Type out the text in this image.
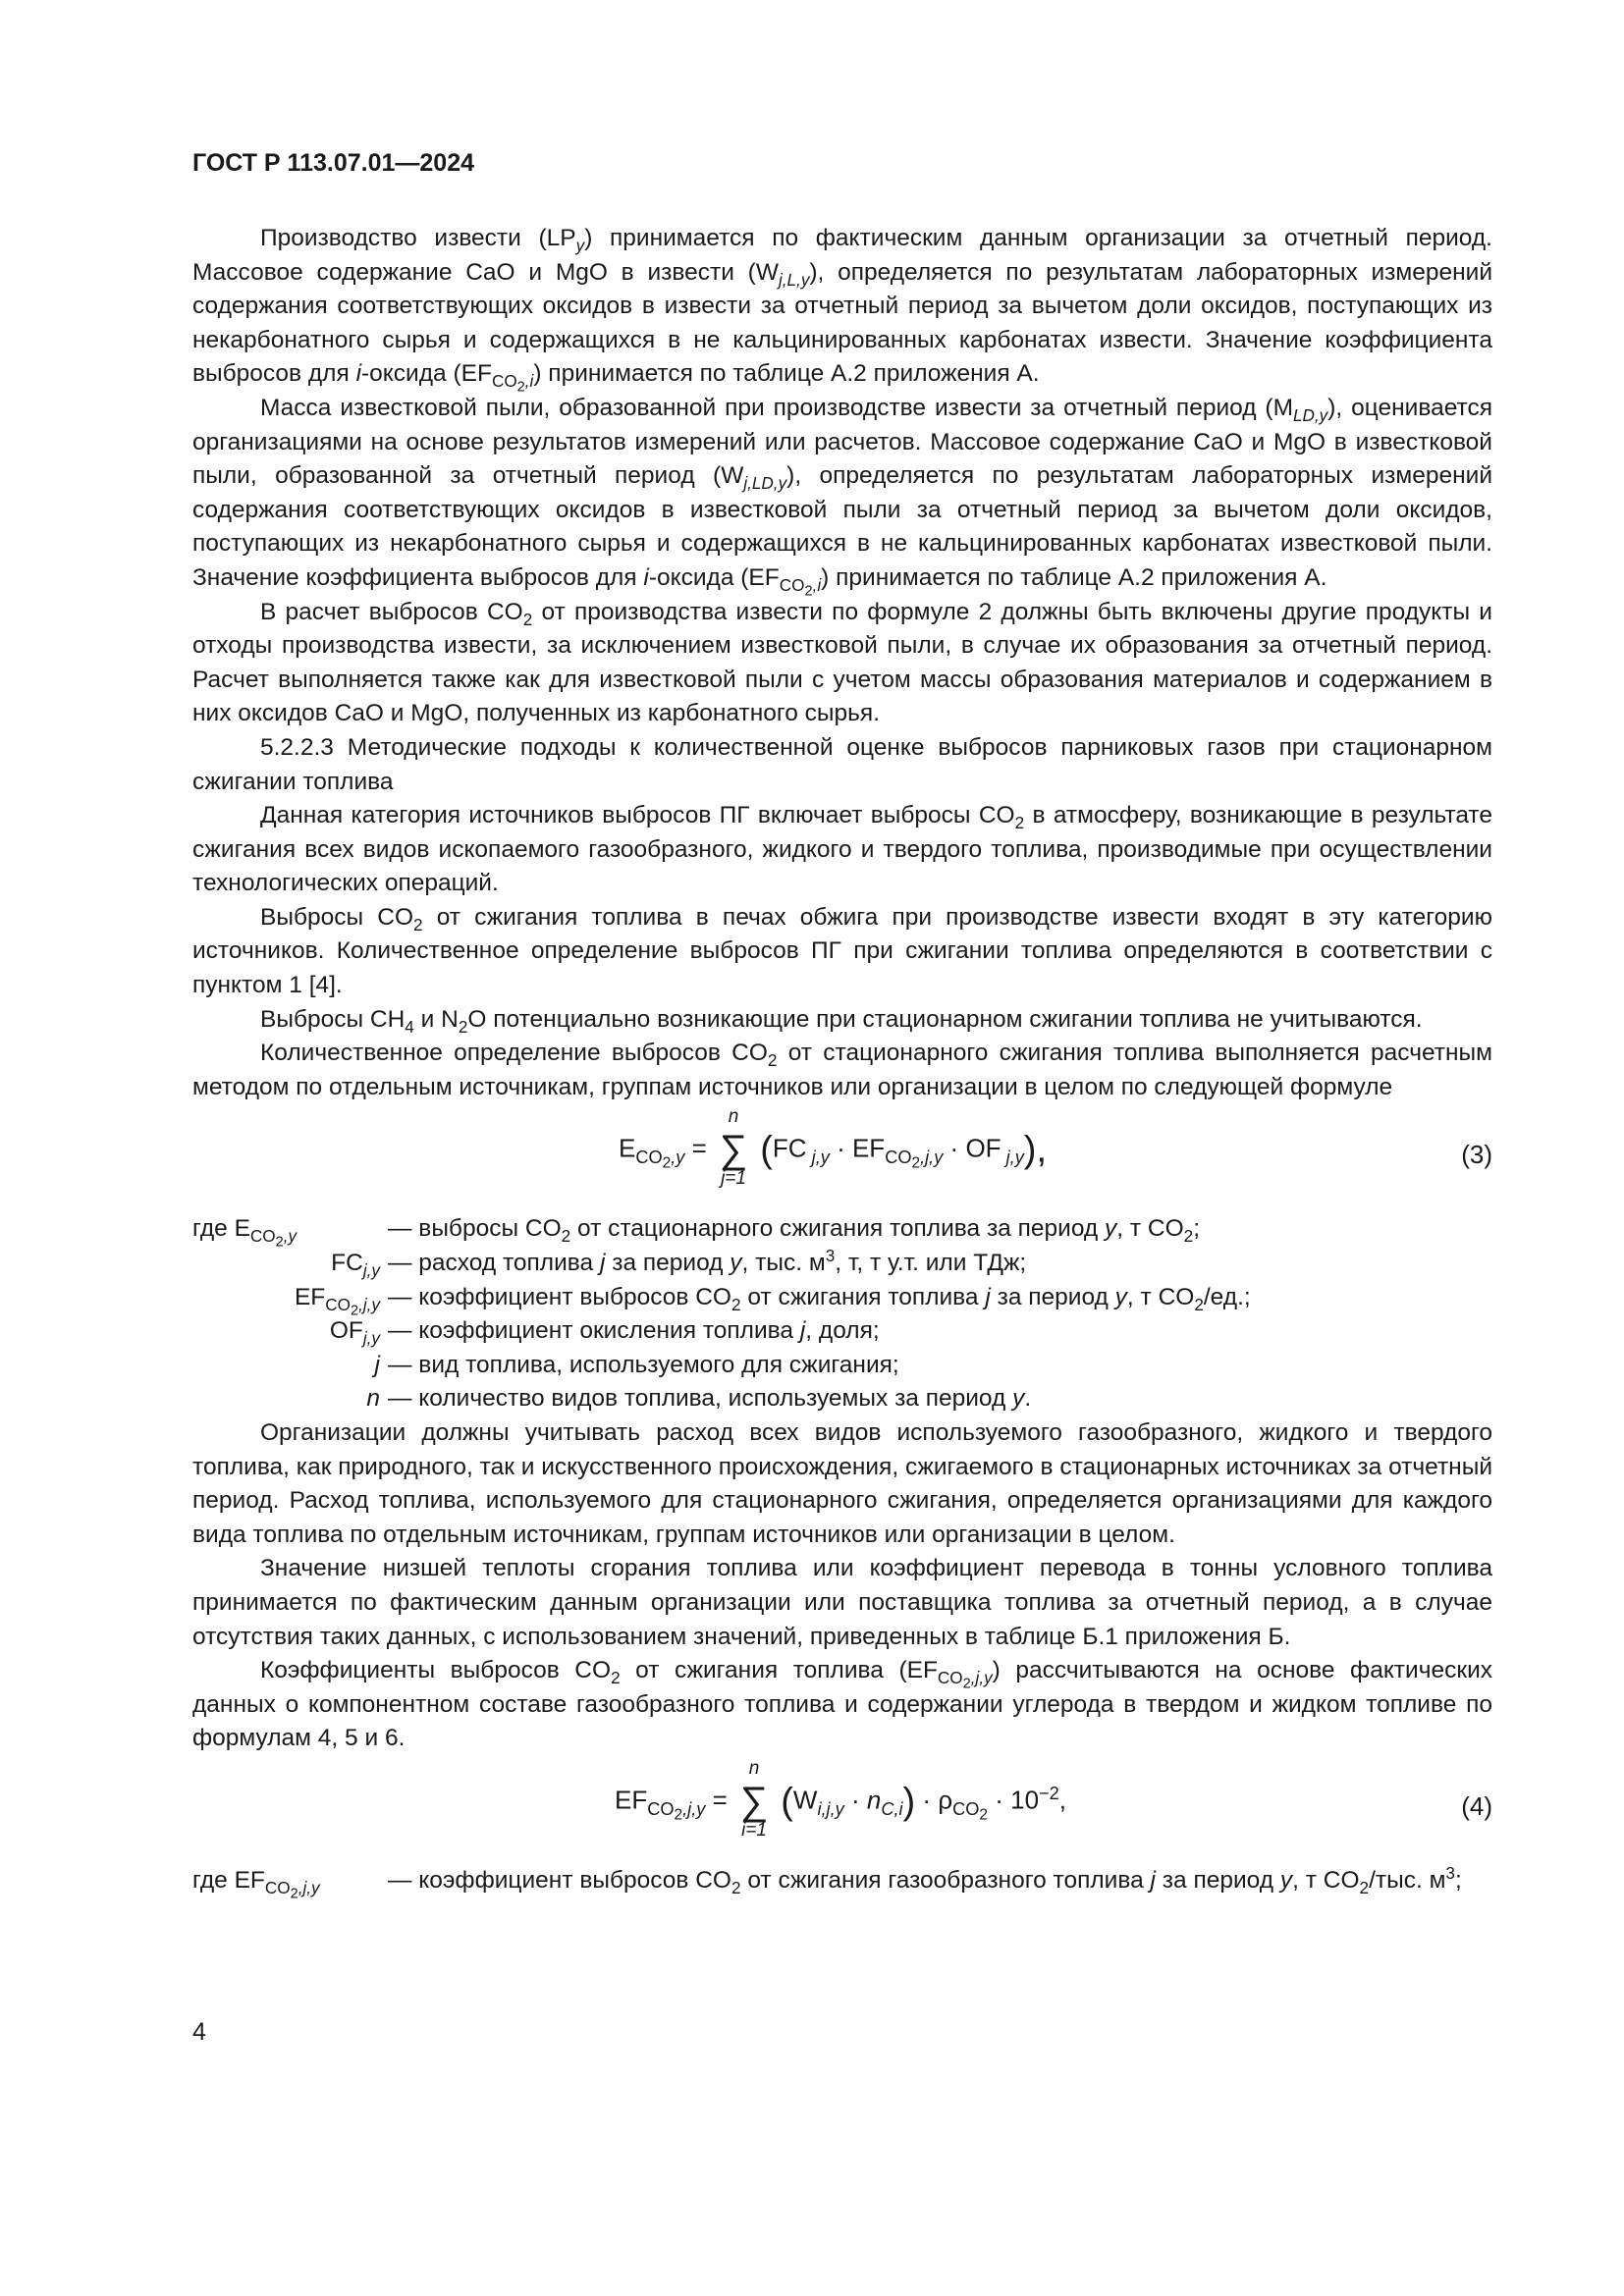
ГОСТ Р 113.07.01—2024

Производство извести $(LP_y)$ принимается по фактическим данным организации за отчетный период. Массовое содержание CaO и MgO в извести $(W_{j,L,y})$, определяется по результатам лабораторных измерений содержания соответствующих оксидов в извести за отчетный период за вычетом доли оксидов, поступающих из некарбонатного сырья и содержащихся в не кальцинированных карбонатах извести. Значение коэффициента выбросов для i-оксида $(EF_{CO_2,i})$ принимается по таблице А.2 приложения А.

Масса известковой пыли, образованной при производстве извести за отчетный период $(M_{LD,y})$, оценивается организациями на основе результатов измерений или расчетов. Массовое содержание CaO и MgO в известковой пыли, образованной за отчетный период $(W_{j,LD,y})$, определяется по результатам лабораторных измерений содержания соответствующих оксидов в известковой пыли за отчетный период за вычетом доли оксидов, поступающих из некарбонатного сырья и содержащихся в не кальцинированных карбонатах известковой пыли. Значение коэффициента выбросов для i-оксида $(EF_{CO_2,i})$ принимается по таблице А.2 приложения А.

В расчет выбросов $CO_2$ от производства извести по формуле 2 должны быть включены другие продукты и отходы производства извести, за исключением известковой пыли, в случае их образования за отчетный период. Расчет выполняется также как для известковой пыли с учетом массы образования материалов и содержанием в них оксидов CaO и MgO, полученных из карбонатного сырья.

5.2.2.3 Методические подходы к количественной оценке выбросов парниковых газов при стационарном сжигании топлива

Данная категория источников выбросов ПГ включает выбросы $CO_2$ в атмосферу, возникающие в результате сжигания всех видов ископаемого газообразного, жидкого и твердого топлива, производимые при осуществлении технологических операций.

Выбросы $CO_2$ от сжигания топлива в печах обжига при производстве извести входят в эту категорию источников. Количественное определение выбросов ПГ при сжигании топлива определяются в соответствии с пунктом 1 [4].

Выбросы $CH_4$ и $N_2O$ потенциально возникающие при стационарном сжигании топлива не учитываются.

Количественное определение выбросов $CO_2$ от стационарного сжигания топлива выполняется расчетным методом по отдельным источникам, группам источников или организации в целом по следующей формуле

$E_{CO_2,y}$ =
n
∑
j=1
(FC $_{j,y} \cdot EF_{CO_2,j,y}$ · OF $_{j,y}$),	(3)
где $E_{CO_2,y}$	— выбросы $CO_2$ от стационарного сжигания топлива за период y, т $CO_2$;
$FC_{j,y}$ — расход топлива j за период y, тыс. $м^3$, т, т у.т. или ТДж;
$EF_{CO_2,j,y}$ — коэффициент выбросов $CO_2$ от сжигания топлива j за период y, т $CO_2/ед$.;
$OF_{j,y}$ — коэффициент окисления топлива j, доля;
j — вид топлива, используемого для сжигания;
n — количество видов топлива, используемых за период y.

Организации должны учитывать расход всех видов используемого газообразного, жидкого и твердого топлива, как природного, так и искусственного происхождения, сжигаемого в стационарных источниках за отчетный период. Расход топлива, используемого для стационарного сжигания, определяется организациями для каждого вида топлива по отдельным источникам, группам источников или организации в целом.

Значение низшей теплоты сгорания топлива или коэффициент перевода в тонны условного топлива принимается по фактическим данным организации или поставщика топлива за отчетный период, а в случае отсутствия таких данных, с использованием значений, приведенных в таблице Б.1 приложения Б.

Коэффициенты выбросов $CO_2$ от сжигания топлива $(EF_{CO_2,j,y})$ рассчитываются на основе фактических данных о компонентном составе газообразного топлива и содержании углерода в твердом и жидком топливе по формулам 4, 5 и 6.

$EF_{CO_2,j,y}$ =
n
∑
i=1
$(W_{i,j,y} \cdot n_{C,i}) \cdot \rho_{CO_2} \cdot 10^{-2}$,	(4)
где $EF_{CO_2,j,y}$	— коэффициент выбросов $CO_2$ от сжигания газообразного топлива j за период y, т $CO_2$/тыс. $м^3$;
4
